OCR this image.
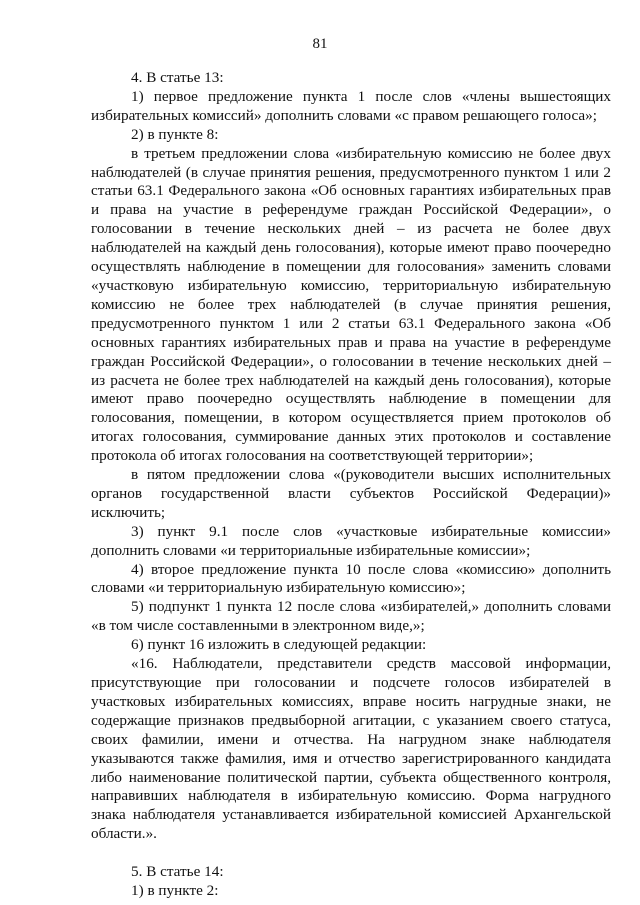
81

4. В статье 13:

1) первое предложение пункта 1 после слов «члены вышестоящих избирательных комиссий» дополнить словами «с правом решающего голоса»;

2) в пункте 8:

в третьем предложении слова «избирательную комиссию не более двух наблюдателей (в случае принятия решения, предусмотренного пунктом 1 или 2 статьи 63.1 Федерального закона «Об основных гарантиях избирательных прав и права на участие в референдуме граждан Российской Федерации», о голосовании в течение нескольких дней – из расчета не более двух наблюдателей на каждый день голосования), которые имеют право поочередно осуществлять наблюдение в помещении для голосования» заменить словами «участковую избирательную комиссию, территориальную избирательную комиссию не более трех наблюдателей (в случае принятия решения, предусмотренного пунктом 1 или 2 статьи 63.1 Федерального закона «Об основных гарантиях избирательных прав и права на участие в референдуме граждан Российской Федерации», о голосовании в течение нескольких дней – из расчета не более трех наблюдателей на каждый день голосования), которые имеют право поочередно осуществлять наблюдение в помещении для голосования, помещении, в котором осуществляется прием протоколов об итогах голосования, суммирование данных этих протоколов и составление протокола об итогах голосования на соответствующей территории»;

в пятом предложении слова «(руководители высших исполнительных органов государственной власти субъектов Российской Федерации)» исключить;

3) пункт 9.1 после слов «участковые избирательные комиссии» дополнить словами «и территориальные избирательные комиссии»;

4) второе предложение пункта 10 после слова «комиссию» дополнить словами «и территориальную избирательную комиссию»;

5) подпункт 1 пункта 12 после слова «избирателей,» дополнить словами «в том числе составленными в электронном виде,»;

6) пункт 16 изложить в следующей редакции:

«16. Наблюдатели, представители средств массовой информации, присутствующие при голосовании и подсчете голосов избирателей в участковых избирательных комиссиях, вправе носить нагрудные знаки, не содержащие признаков предвыборной агитации, с указанием своего статуса, своих фамилии, имени и отчества. На нагрудном знаке наблюдателя указываются также фамилия, имя и отчество зарегистрированного кандидата либо наименование политической партии, субъекта общественного контроля, направивших наблюдателя в избирательную комиссию. Форма нагрудного знака наблюдателя устанавливается избирательной комиссией Архангельской области.».

5. В статье 14:

1) в пункте 2:
